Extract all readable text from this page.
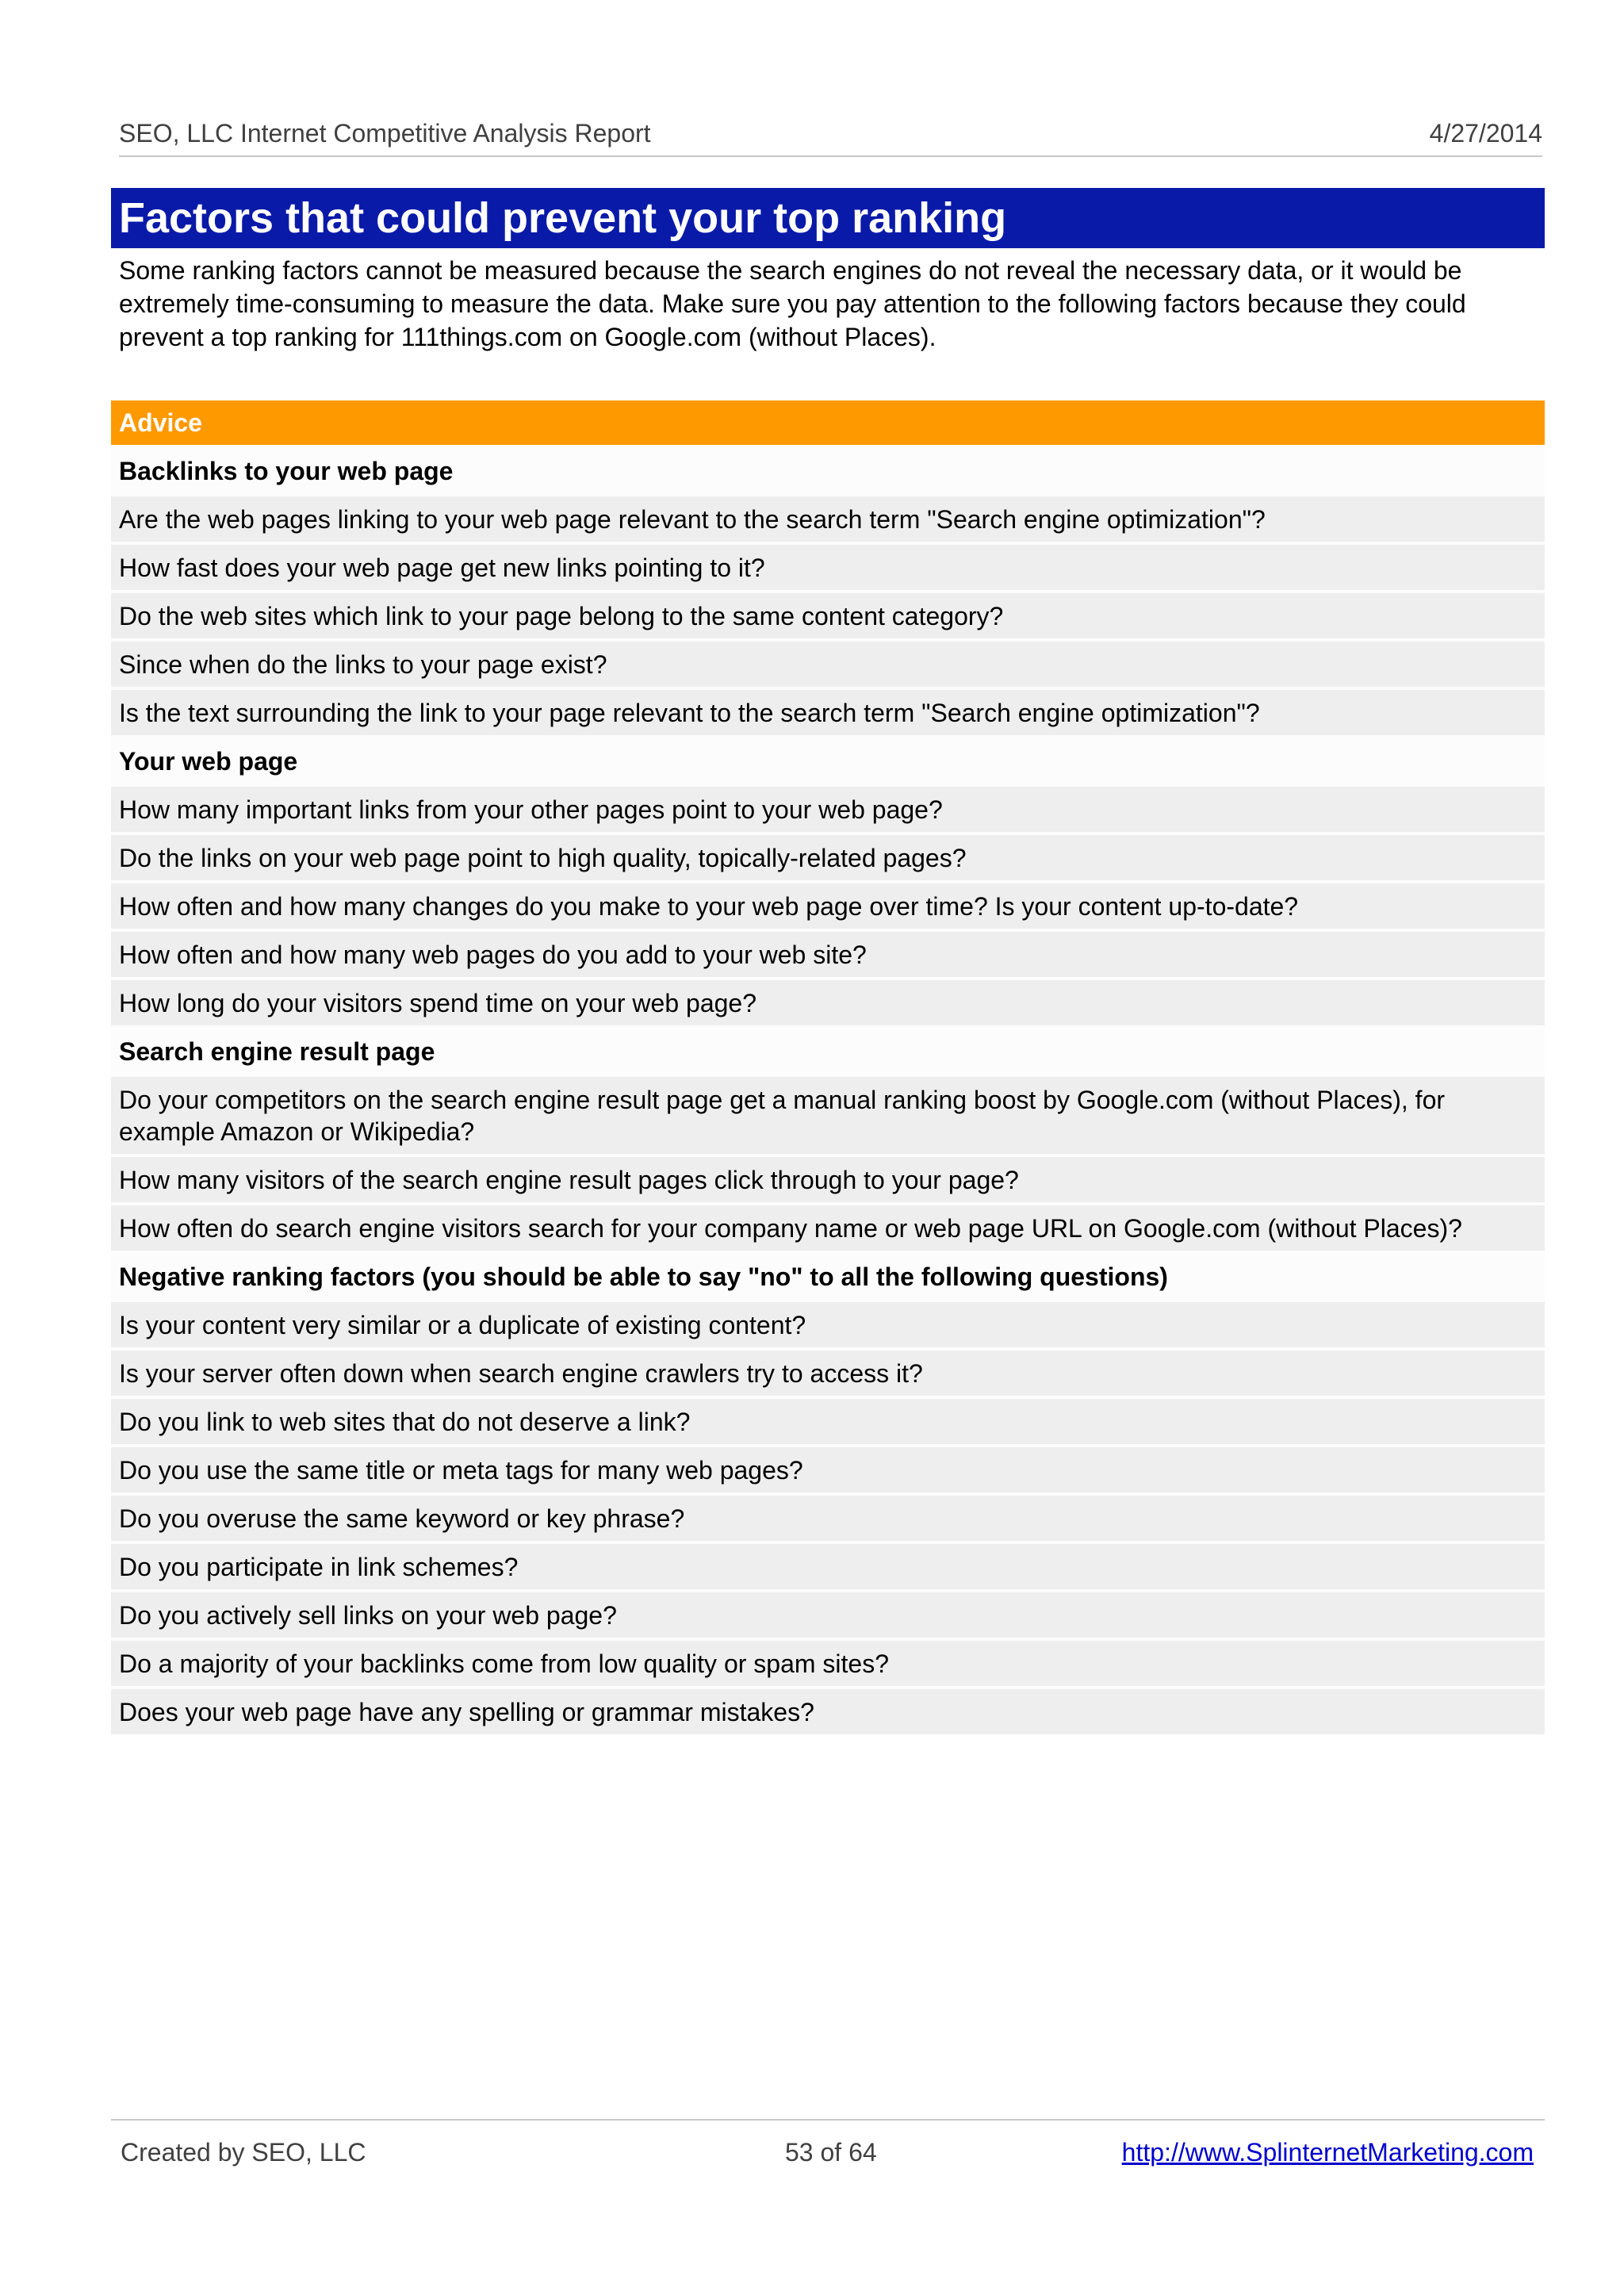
SEO, LLC Internet Competitive Analysis Report	4/27/2014
Factors that could prevent your top ranking

Some ranking factors cannot be measured because the search engines do not reveal the necessary data, or it would be extremely time-consuming to measure the data. Make sure you pay attention to the following factors because they could prevent a top ranking for 111things.com on Google.com (without Places).

Advice
Backlinks to your web page
Are the web pages linking to your web page relevant to the search term "Search engine optimization"?
How fast does your web page get new links pointing to it?
Do the web sites which link to your page belong to the same content category?
Since when do the links to your page exist?
Is the text surrounding the link to your page relevant to the search term "Search engine optimization"?
Your web page
How many important links from your other pages point to your web page?
Do the links on your web page point to high quality, topically-related pages?
How often and how many changes do you make to your web page over time? Is your content up-to-date?
How often and how many web pages do you add to your web site?
How long do your visitors spend time on your web page?
Search engine result page
Do your competitors on the search engine result page get a manual ranking boost by Google.com (without Places), for example Amazon or Wikipedia?
How many visitors of the search engine result pages click through to your page?
How often do search engine visitors search for your company name or web page URL on Google.com (without Places)?
Negative ranking factors (you should be able to say "no" to all the following questions)
Is your content very similar or a duplicate of existing content?
Is your server often down when search engine crawlers try to access it?
Do you link to web sites that do not deserve a link?
Do you use the same title or meta tags for many web pages?
Do you overuse the same keyword or key phrase?
Do you participate in link schemes?
Do you actively sell links on your web page?
Do a majority of your backlinks come from low quality or spam sites?
Does your web page have any spelling or grammar mistakes?
Created by SEO, LLC	53 of 64	http://www.SplinternetMarketing.com
